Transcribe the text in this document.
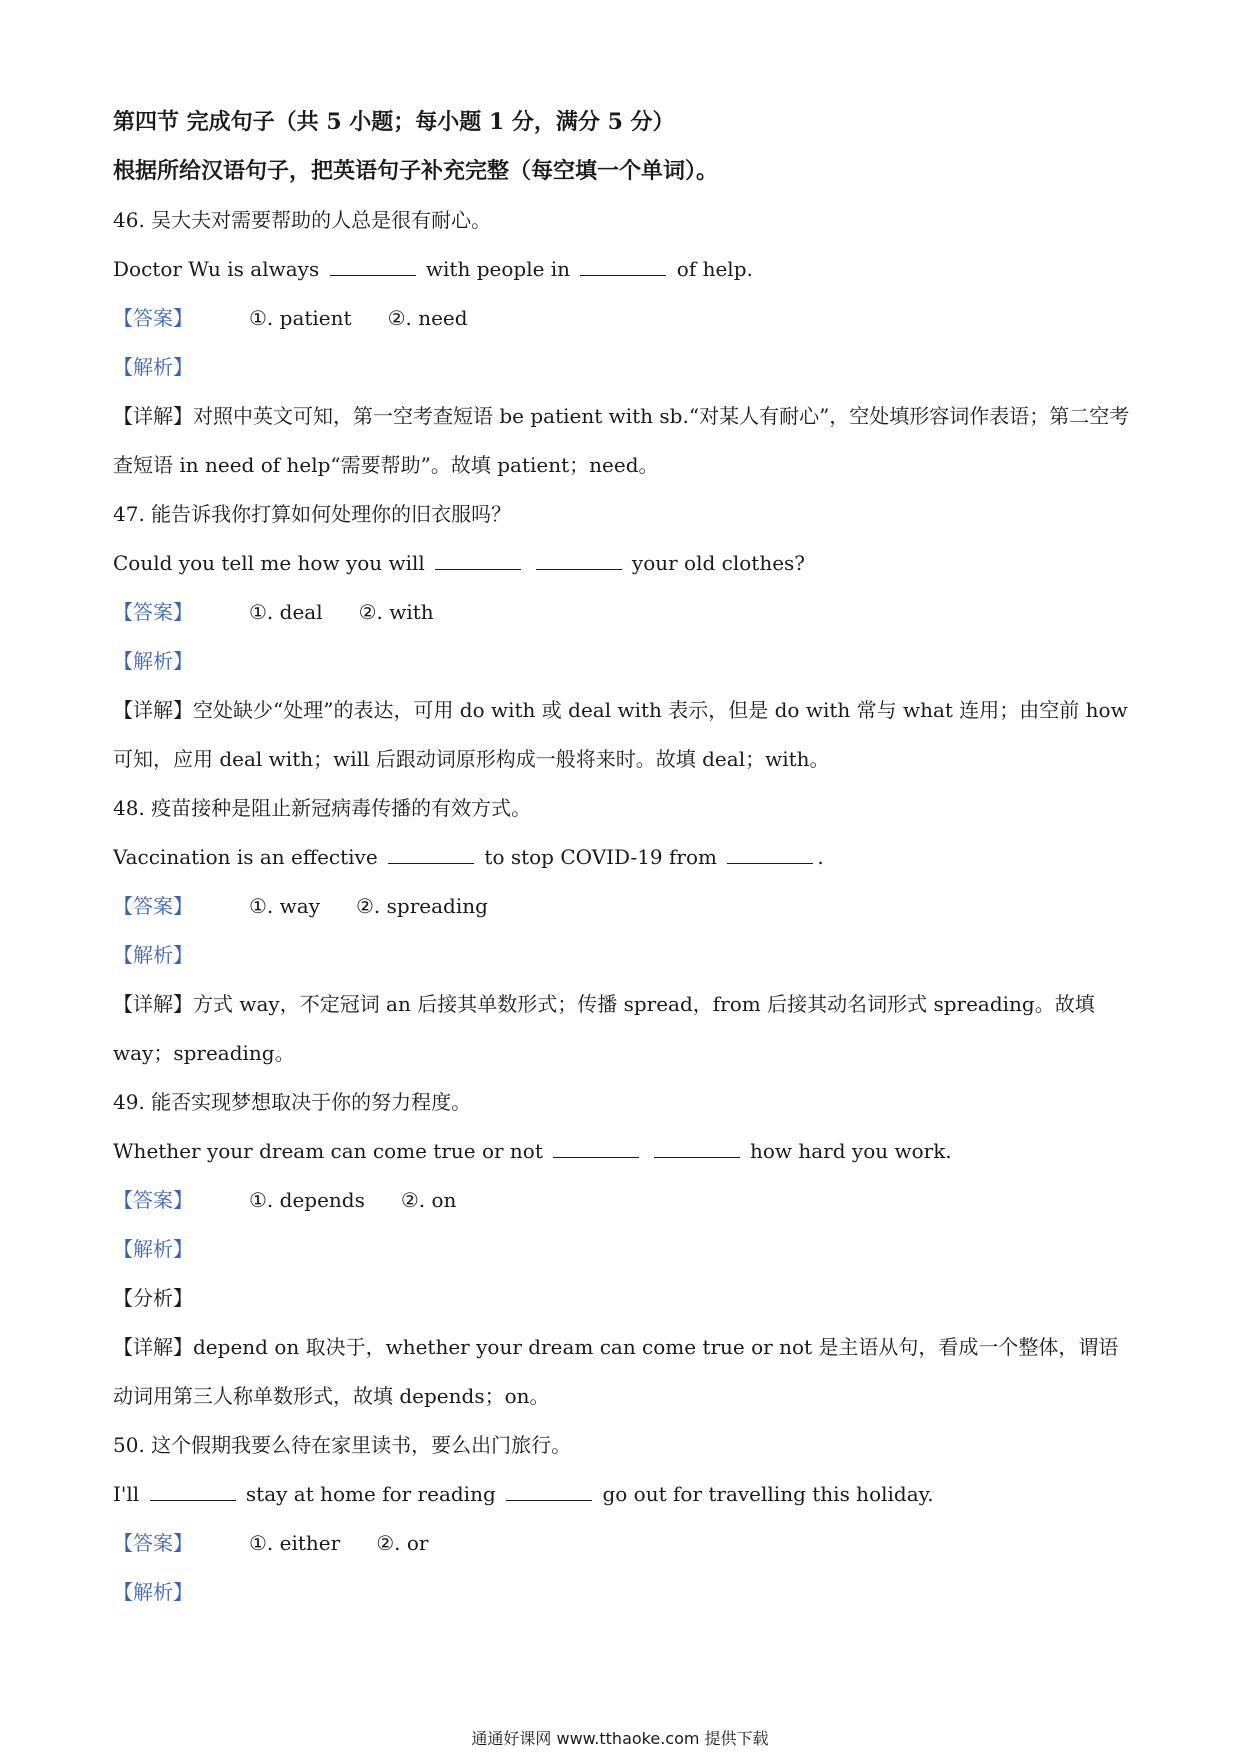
第四节 完成句子（共 5 小题；每小题 1 分，满分 5 分）
根据所给汉语句子，把英语句子补充完整（每空填一个单词）。
46. 吴大夫对需要帮助的人总是很有耐心。
Doctor Wu is always	with people in	of help.
【答案】	①. patient ②. need
【解析】
【详解】对照中英文可知，第一空考查短语 be patient with sb.“对某人有耐心”，空处填形容词作表语；第二空考查短语 in need of help“需要帮助”。故填 patient；need。
47. 能告诉我你打算如何处理你的旧衣服吗？
Could you tell me how you will	your old clothes?
【答案】	①. deal ②. with
【解析】
【详解】空处缺少“处理”的表达，可用 do with 或 deal with 表示，但是 do with 常与 what 连用；由空前 how 可知，应用 deal with；will 后跟动词原形构成一般将来时。故填 deal；with。
48. 疫苗接种是阻止新冠病毒传播的有效方式。
Vaccination is an effective	to stop COVID-19 from	.
【答案】	①. way ②. spreading
【解析】
【详解】方式 way，不定冠词 an 后接其单数形式；传播 spread，from 后接其动名词形式 spreading。故填 way；spreading。
49. 能否实现梦想取决于你的努力程度。
Whether your dream can come true or not	how hard you work.
【答案】	①. depends ②. on
【解析】
【分析】
【详解】depend on 取决于，whether your dream can come true or not 是主语从句，看成一个整体，谓语动词用第三人称单数形式，故填 depends；on。
50. 这个假期我要么待在家里读书，要么出门旅行。
I'll	stay at home for reading	go out for travelling this holiday.
【答案】	①. either ②. or
【解析】
通通好课网 www.tthaoke.com 提供下载
